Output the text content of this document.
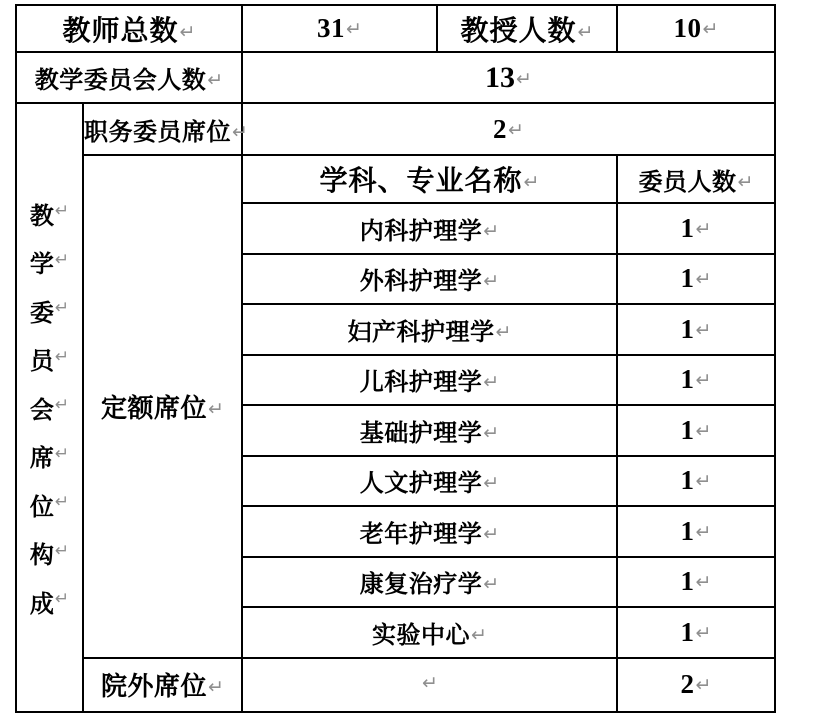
教师总数↵		31↵	教授人数↵	10↵
教学委员会人数↵		13↵		

教 ↵
学 ↵
委 ↵
员 ↵
会 ↵
席 ↵
位 ↵
构 ↵
成 ↵
	职务委员席位↵	2↵
	定额席位↵	学科、专业名称↵		委员人数↵
		内科护理学↵		1↵
		外科护理学↵		1↵
		妇产科护理学↵		1↵
		儿科护理学↵		1↵
		基础护理学↵		1↵
		人文护理学↵		1↵
		老年护理学↵		1↵
		康复治疗学↵		1↵
		实验中心↵		1↵
	院外席位↵	↵		2↵
